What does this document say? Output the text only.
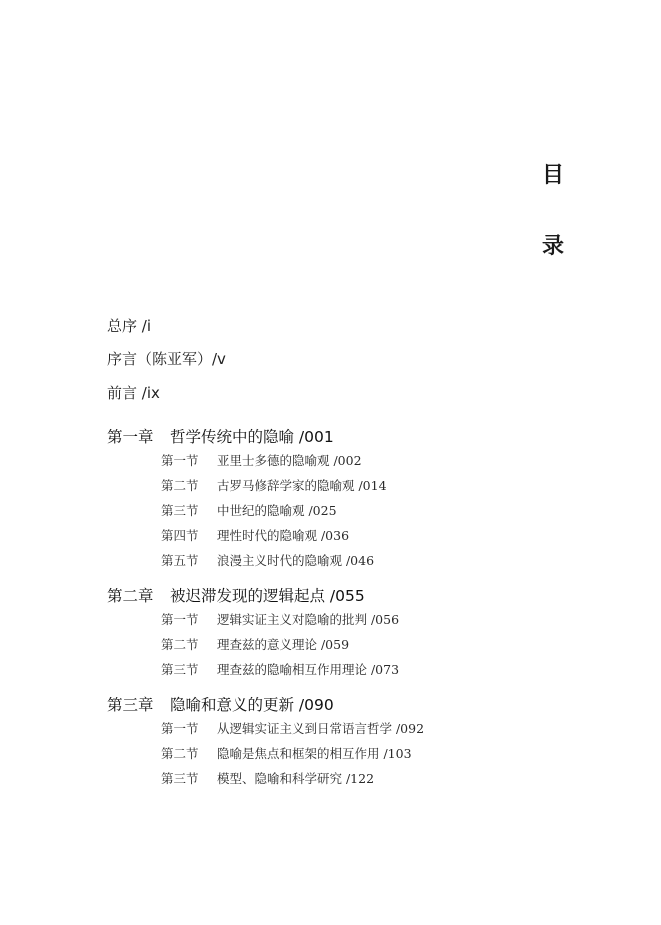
目
录
总序 /i
序言（陈亚军）/v
前言 /ix
第一章 哲学传统中的隐喻 /001
第一节 亚里士多德的隐喻观 /002
第二节 古罗马修辞学家的隐喻观 /014
第三节 中世纪的隐喻观 /025
第四节 理性时代的隐喻观 /036
第五节 浪漫主义时代的隐喻观 /046
第二章 被迟滞发现的逻辑起点 /055
第一节 逻辑实证主义对隐喻的批判 /056
第二节 理查兹的意义理论 /059
第三节 理查兹的隐喻相互作用理论 /073
第三章 隐喻和意义的更新 /090
第一节 从逻辑实证主义到日常语言哲学 /092
第二节 隐喻是焦点和框架的相互作用 /103
第三节 模型、隐喻和科学研究 /122
